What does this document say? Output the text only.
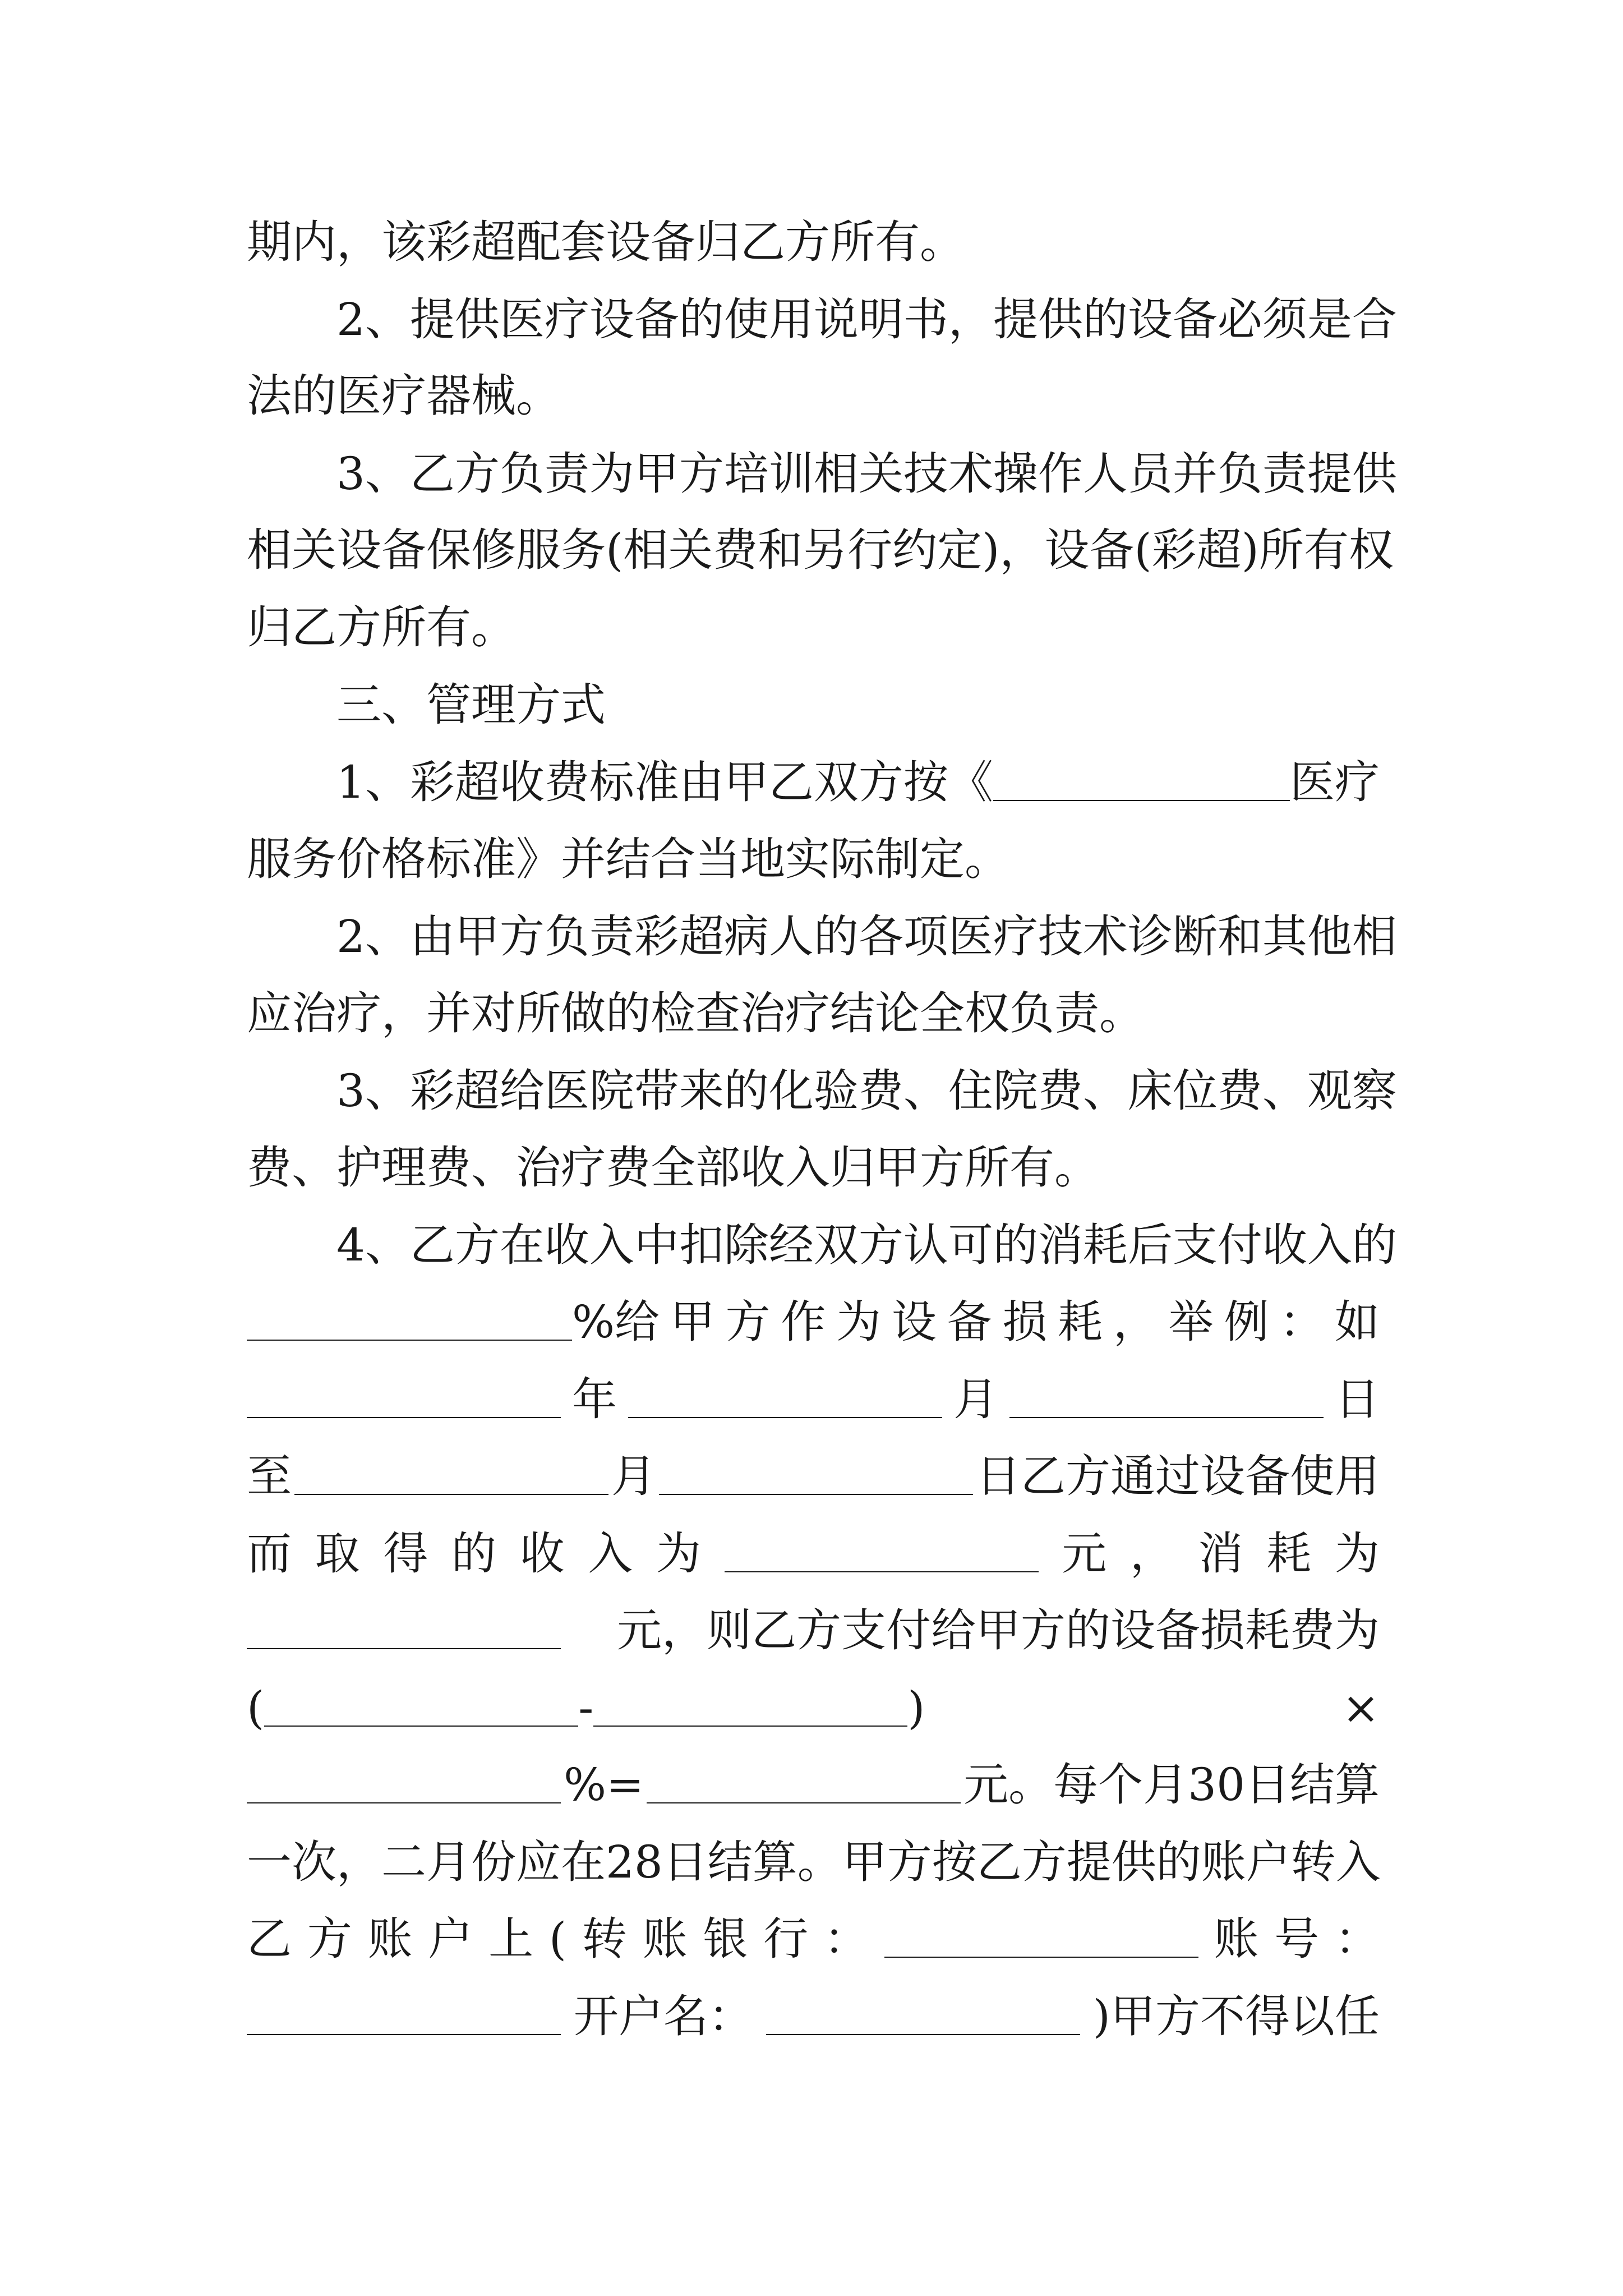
期内，该彩超配套设备归乙方所有。
2、提供医疗设备的使用说明书，提供的设备必须是合
法的医疗器械。
3、乙方负责为甲方培训相关技术操作人员并负责提供
相关设备保修服务(相关费和另行约定)，设备(彩超)所有权
归乙方所有。
三、管理方式
1、彩超收费标准由甲乙双方按《	医疗
服务价格标准》并结合当地实际制定。
2、由甲方负责彩超病人的各项医疗技术诊断和其他相
应治疗，并对所做的检查治疗结论全权负责。
3、彩超给医院带来的化验费、住院费、床位费、观察
费、护理费、治疗费全部收入归甲方所有。
4、乙方在收入中扣除经双方认可的消耗后支付收入的
%给 甲 方 作 为 设 备 损 耗 ， 举 例 ： 如
年	月	日
至	月	日乙方通过设备使用
而 取 得 的 收 入 为	元 ， 消 耗 为
元，则乙方支付给甲方的设备损耗费为
(	-	)	×
%=	元。每个月30日结算
一次，二月份应在28日结算。甲方按乙方提供的账户转入
乙 方 账 户 上 ( 转 账 银 行 ：	账 号 ：
开户名：	)甲方不得以任
